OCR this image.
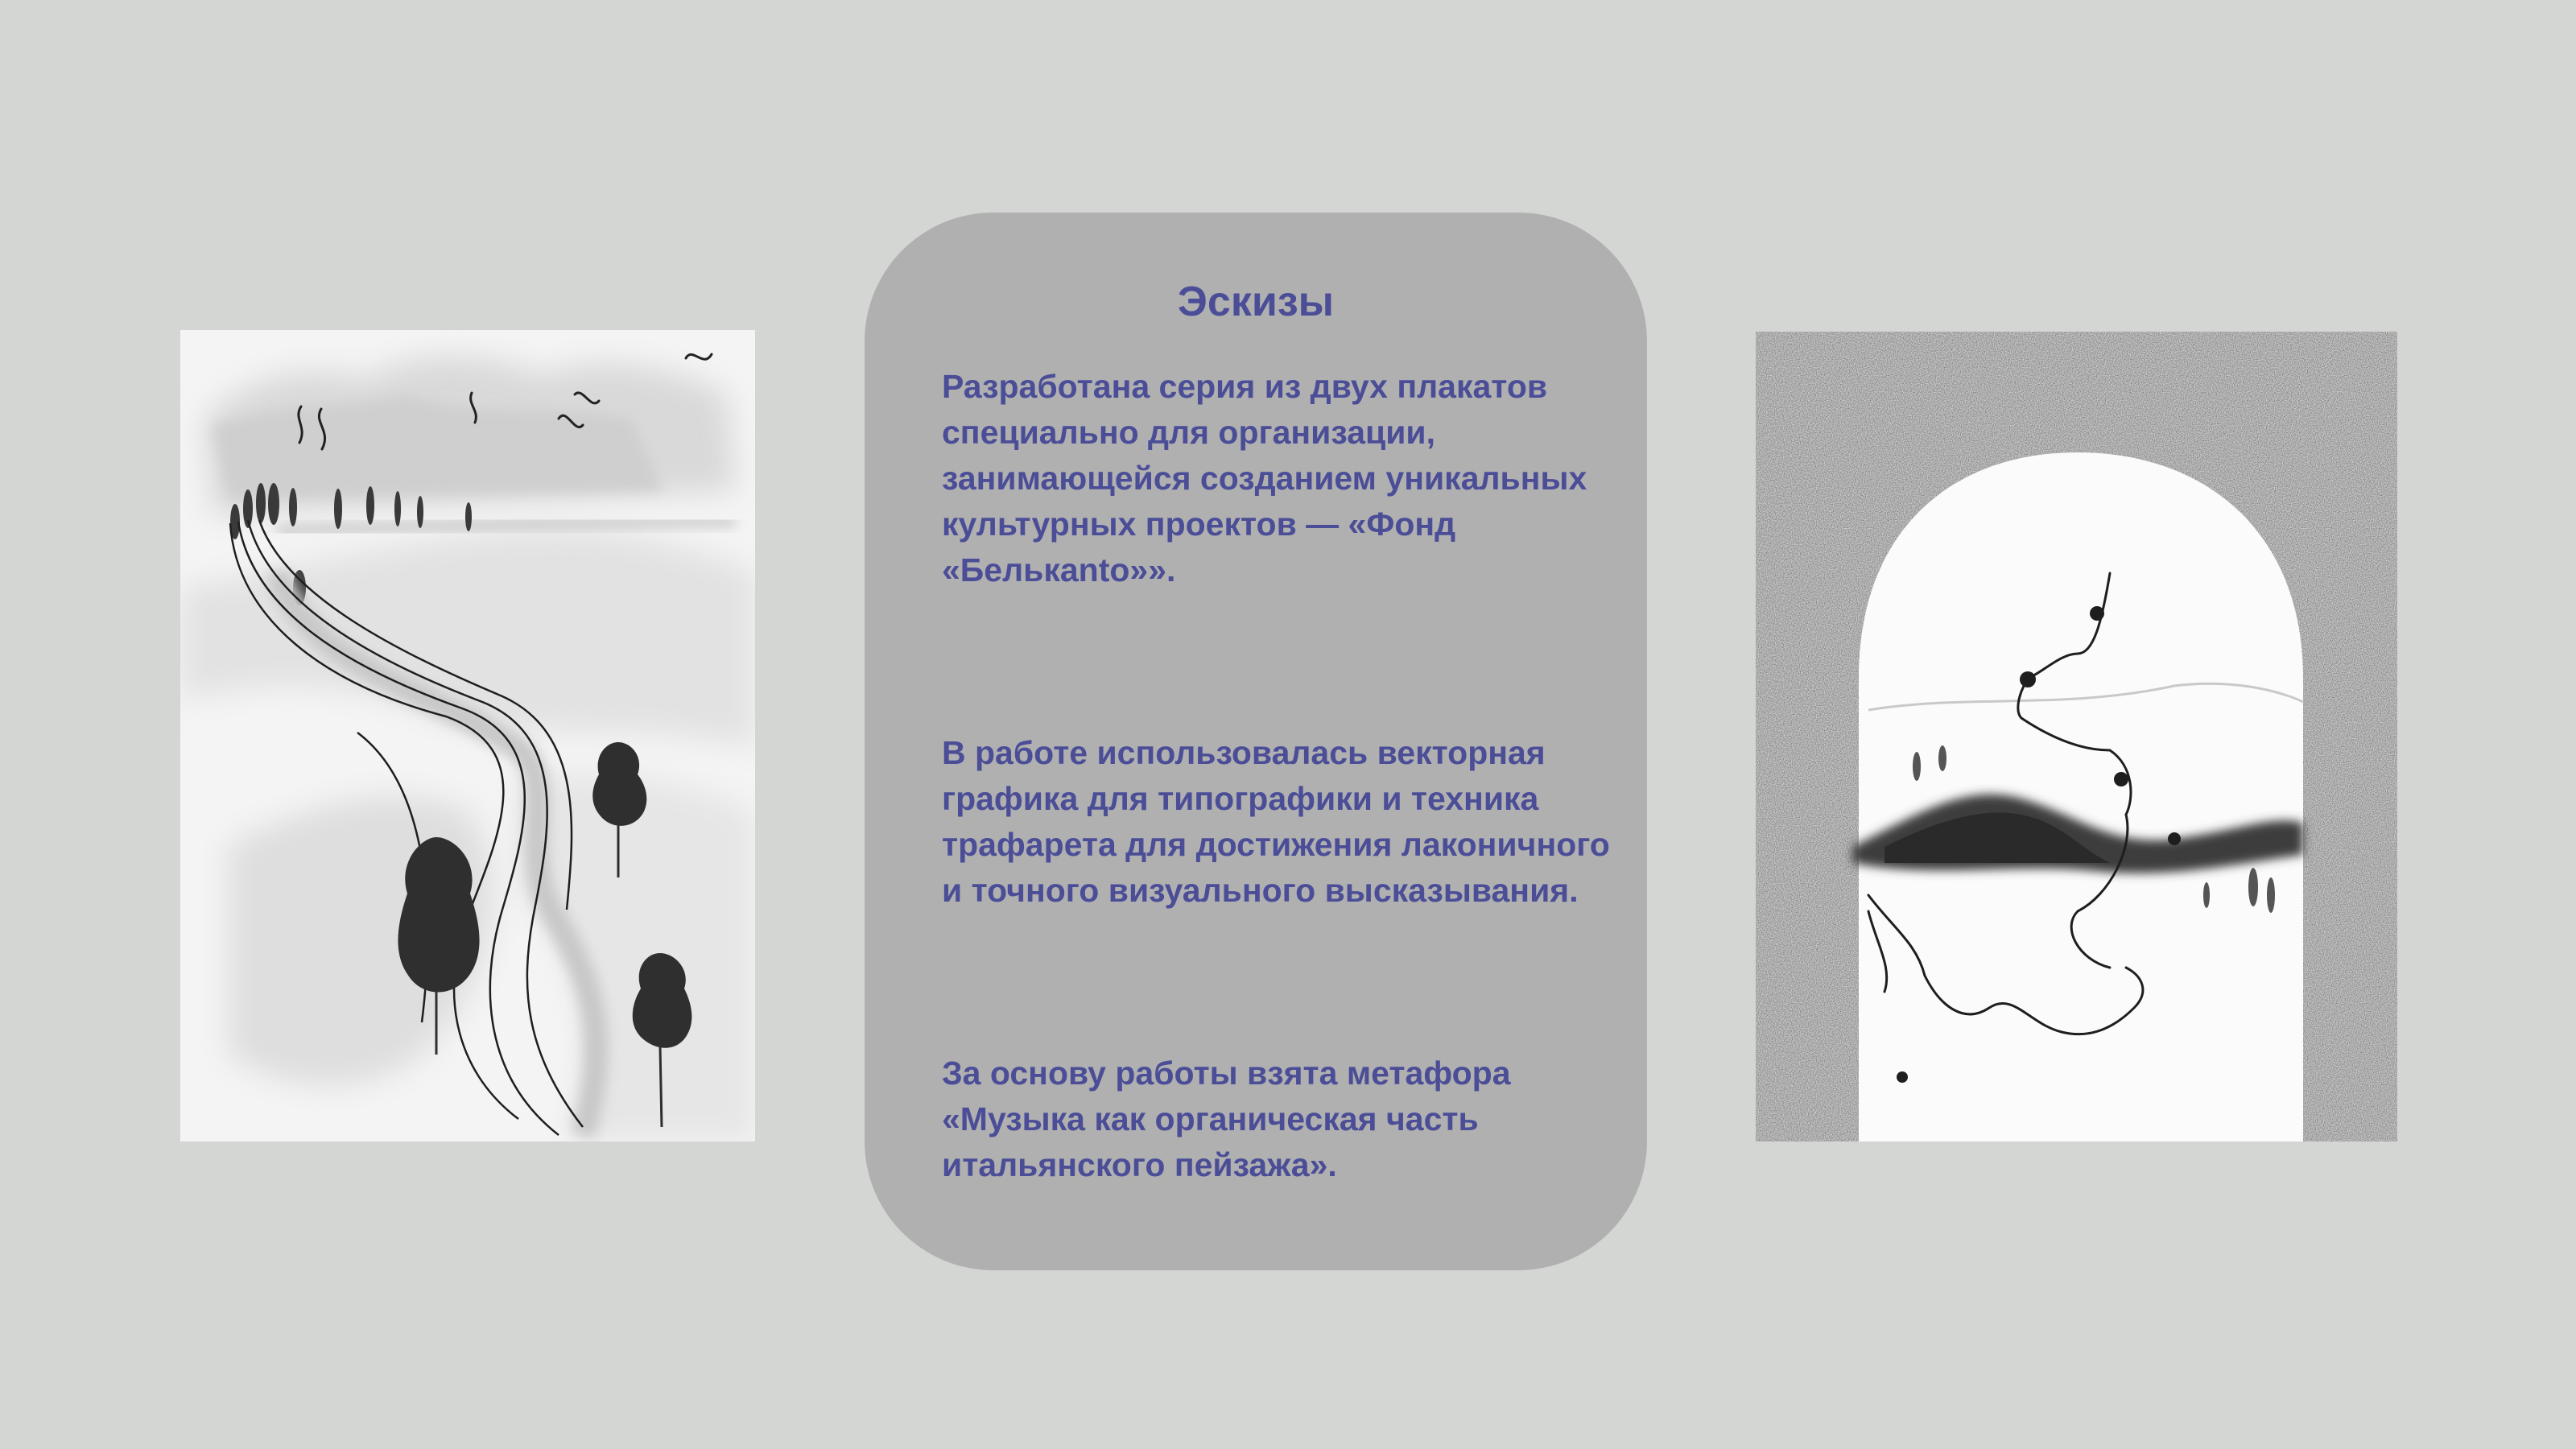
Эскизы

Разработана серия из двух плакатов
специально для организации,
занимающейся созданием уникальных
культурных проектов — «Фонд
«Белькanto»».

В работе использовалась векторная
графика для типографики и техника
трафарета для достижения лаконичного
и точного визуального высказывания.

За основу работы взята метафора
«Музыка как органическая часть
итальянского пейзажа».
